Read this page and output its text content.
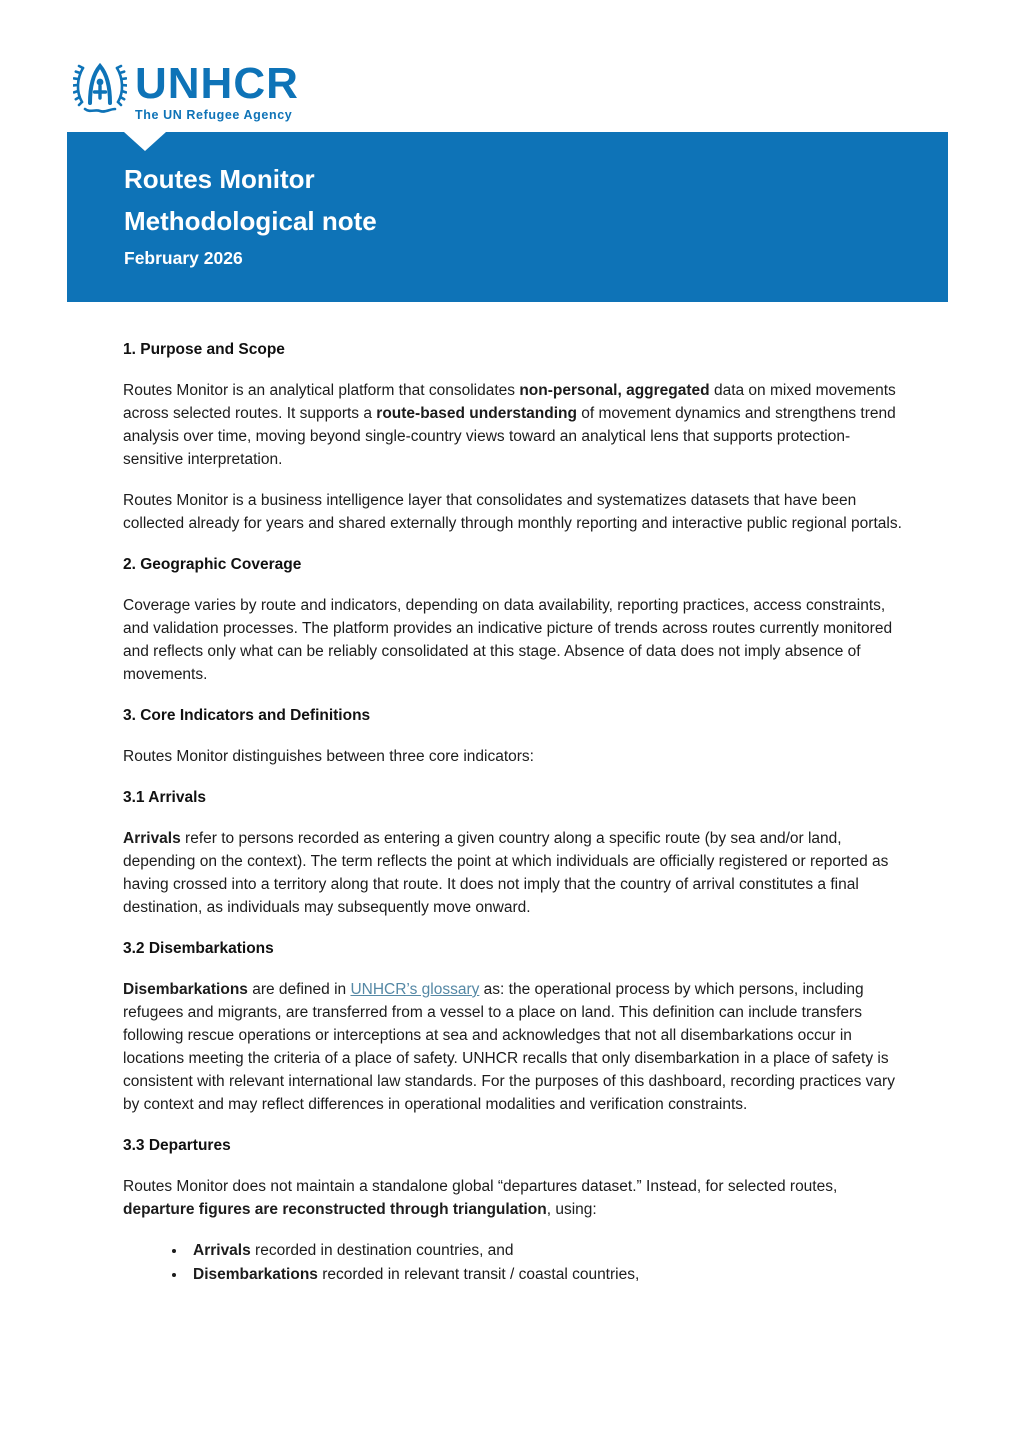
UNHCR
The UN Refugee Agency
Routes Monitor
Methodological note
February 2026
1. Purpose and Scope

Routes Monitor is an analytical platform that consolidates non-personal, aggregated data on mixed movements across selected routes. It supports a route-based understanding of movement dynamics and strengthens trend analysis over time, moving beyond single-country views toward an analytical lens that supports protection-sensitive interpretation.

Routes Monitor is a business intelligence layer that consolidates and systematizes datasets that have been collected already for years and shared externally through monthly reporting and interactive public regional portals.

2. Geographic Coverage

Coverage varies by route and indicators, depending on data availability, reporting practices, access constraints, and validation processes. The platform provides an indicative picture of trends across routes currently monitored and reflects only what can be reliably consolidated at this stage. Absence of data does not imply absence of movements.

3. Core Indicators and Definitions

Routes Monitor distinguishes between three core indicators:

3.1 Arrivals

Arrivals refer to persons recorded as entering a given country along a specific route (by sea and/or land, depending on the context). The term reflects the point at which individuals are officially registered or reported as having crossed into a territory along that route. It does not imply that the country of arrival constitutes a final destination, as individuals may subsequently move onward.

3.2 Disembarkations

Disembarkations are defined in UNHCR’s glossary as: the operational process by which persons, including refugees and migrants, are transferred from a vessel to a place on land. This definition can include transfers following rescue operations or interceptions at sea and acknowledges that not all disembarkations occur in locations meeting the criteria of a place of safety. UNHCR recalls that only disembarkation in a place of safety is consistent with relevant international law standards. For the purposes of this dashboard, recording practices vary by context and may reflect differences in operational modalities and verification constraints.

3.3 Departures

Routes Monitor does not maintain a standalone global “departures dataset.” Instead, for selected routes, departure figures are reconstructed through triangulation, using:

• Arrivals recorded in destination countries, and
• Disembarkations recorded in relevant transit / coastal countries,
